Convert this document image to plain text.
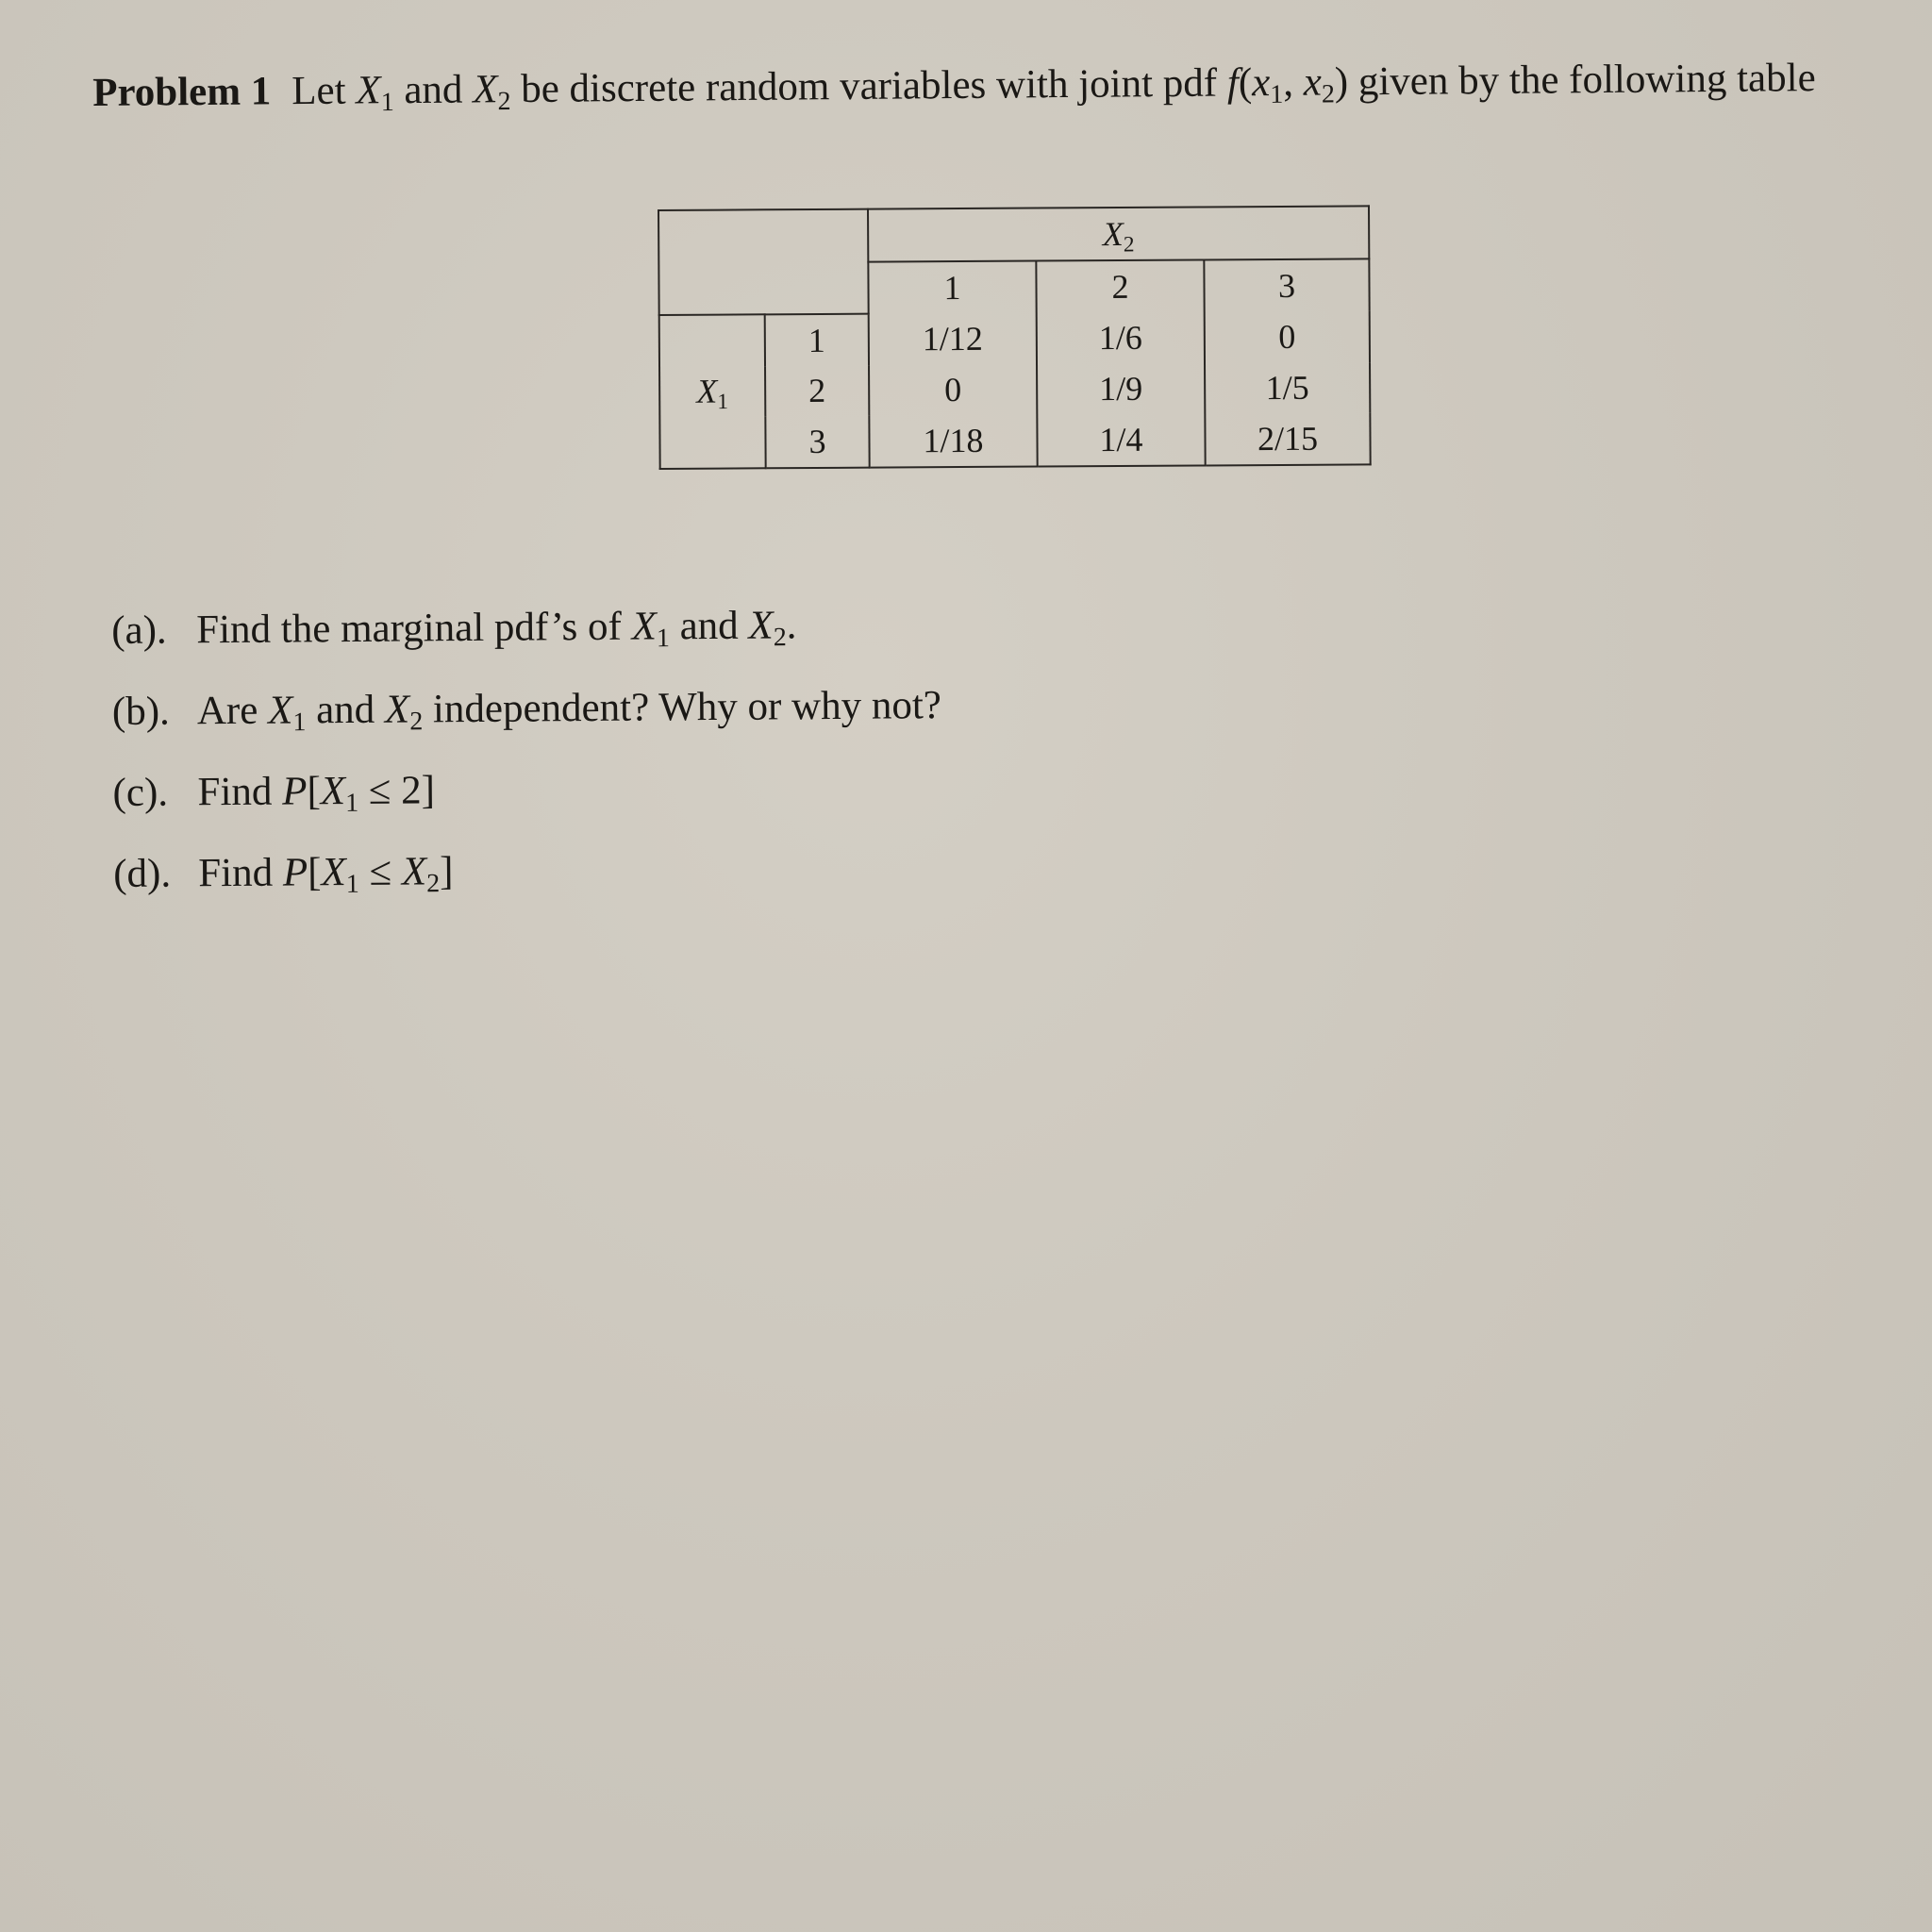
Problem 1 Let $X_1$ and $X_2$ be discrete random variables with joint pdf $f(x_1$, $x_2$) given by the following table
		$X_2$
		1	2	3
$X_1$	1	1/12	1/6	0
	2	0	1/9	1/5
	3	1/18	1/4	2/15
(a). Find the marginal pdf’s of $X_1$ and $X_2$.
(b). Are $X_1$ and $X_2$ independent? Why or why not?
(c). Find $P[X_1 \le 2]$
(d). Find $P[X_1 \le X_2]$
